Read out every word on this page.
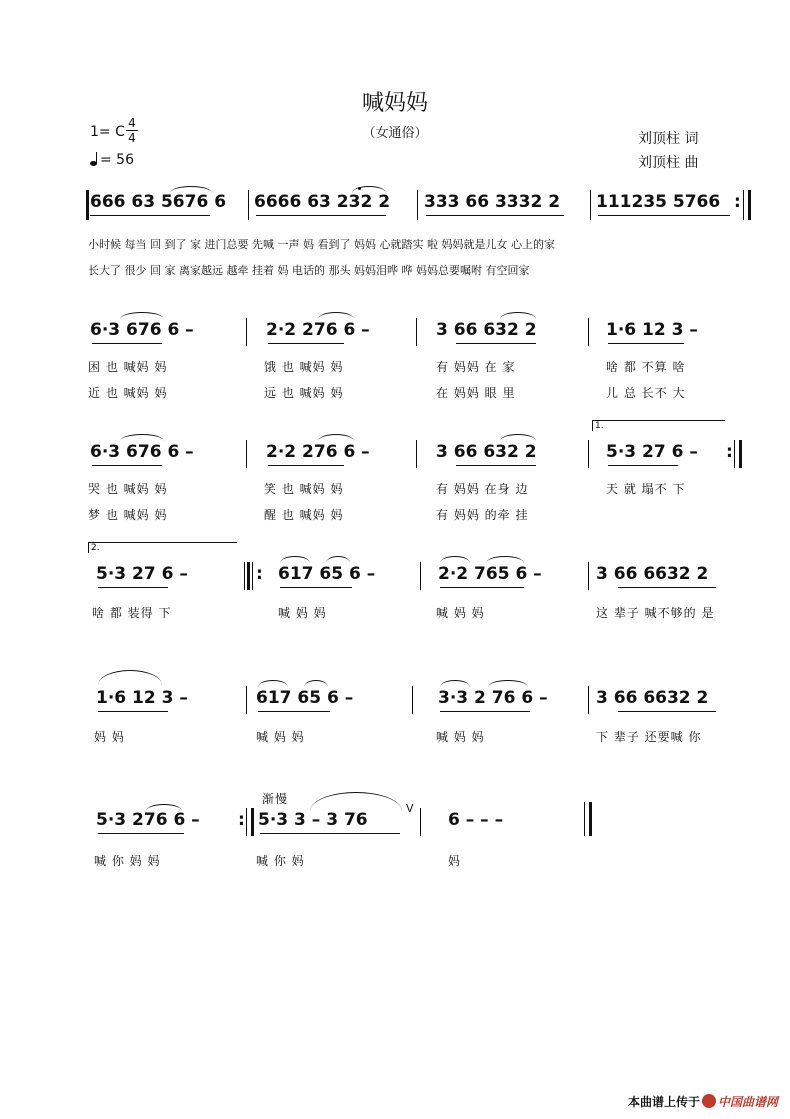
喊妈妈
（女通俗）
1= C
4
4
= 56
刘顶柱 词
刘顶柱 曲
666 63 5676 6 6666 63 232 2 333 66 3332 2 111235 5766 :
小时候 每当 回 到了 家 进门总要 先喊 一声 妈 看到了 妈妈 心就踏实 啦 妈妈就是儿女 心上的家
长大了 很少 回 家 离家越远 越牵 挂着 妈 电话的 那头 妈妈泪哗 哗 妈妈总要嘱咐 有空回家
6·3 676 6 –	2·2 276 6 –	3 66 632 2	1·6 12 3 –
困 也 喊妈 妈	饿 也 喊妈 妈	有 妈妈 在 家	啥 都 不算 啥
近 也 喊妈 妈	远 也 喊妈 妈	在 妈妈 眼 里	儿 总 长不 大
1.
6·3 676 6 –	2·2 276 6 –	3 66 632 2	5·3 27 6 – :
哭 也 喊妈 妈	笑 也 喊妈 妈	有 妈妈 在身 边	天 就 塌不 下
梦 也 喊妈 妈	醒 也 喊妈 妈	有 妈妈 的牵 挂
2.
5·3 27 6 –	: 617 65 6 –	2·2 765 6 –	3 66 6632 2
啥 都 装得 下	喊 妈 妈	喊 妈 妈	这 辈子 喊不够的 是
1·6 12 3 –	617 65 6 –	3·3 2 76 6 –	3 66 6632 2
妈 妈	喊 妈 妈	喊 妈 妈	下 辈子 还要喊 你
渐慢
5·3 276 6 – : 5·3 3 – 3 76
V
6 – – –
喊 你 妈 妈	喊 你 妈	妈
本曲谱上传于 中国曲谱网
